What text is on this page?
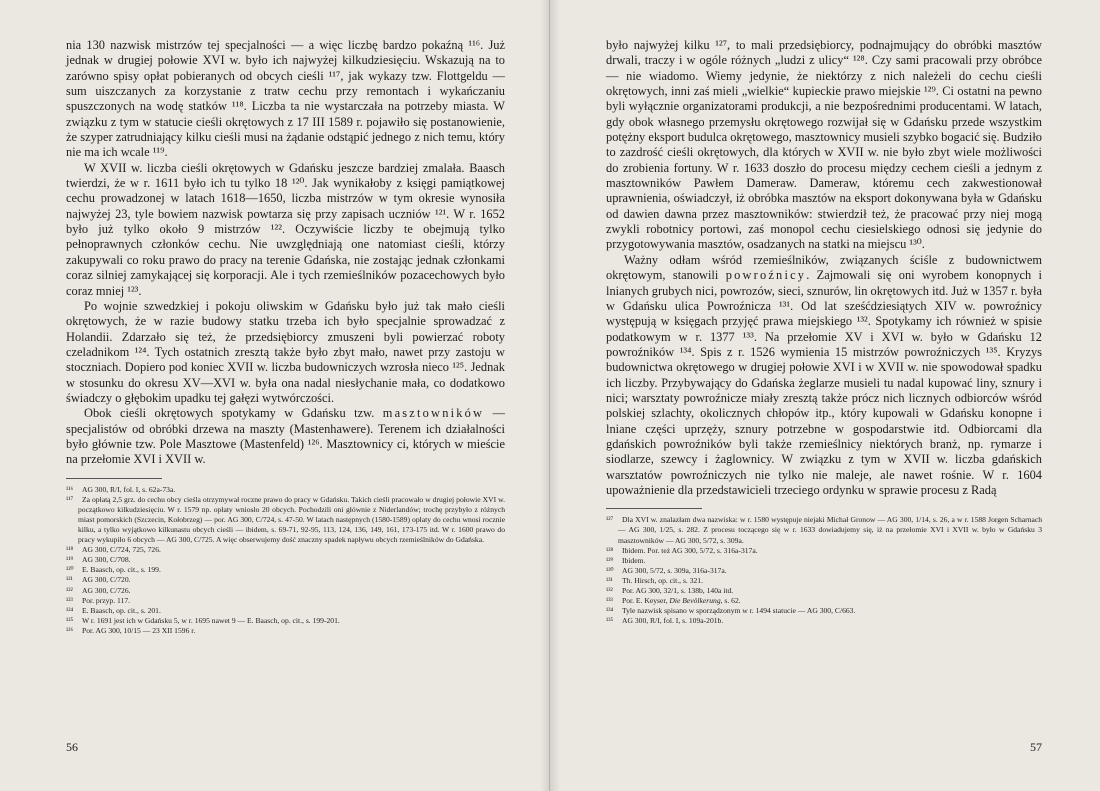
nia 130 nazwisk mistrzów tej specjalności — a więc liczbę bardzo pokaźną ¹¹⁶. Już jednak w drugiej połowie XVI w. było ich najwyżej kilkudziesięciu. Wskazują na to zarówno spisy opłat pobieranych od obcych cieśli ¹¹⁷, jak wykazy tzw. Flottgeldu — sum uiszczanych za korzystanie z tratw cechu przy remontach i wykańczaniu spuszczonych na wodę statków ¹¹⁸. Liczba ta nie wystarczała na potrzeby miasta. W związku z tym w statucie cieśli okrętowych z 17 III 1589 r. pojawiło się postanowienie, że szyper zatrudniający kilku cieśli musi na żądanie odstąpić jednego z nich temu, który nie ma ich wcale ¹¹⁹.

W XVII w. liczba cieśli okrętowych w Gdańsku jeszcze bardziej zmalała. Baasch twierdzi, że w r. 1611 było ich tu tylko 18 ¹²⁰. Jak wynikałoby z księgi pamiątkowej cechu prowadzonej w latach 1618—1650, liczba mistrzów w tym okresie wynosiła najwyżej 23, tyle bowiem nazwisk powtarza się przy zapisach uczniów ¹²¹. W r. 1652 było już tylko około 9 mistrzów ¹²². Oczywiście liczby te obejmują tylko pełnoprawnych członków cechu. Nie uwzględniają one natomiast cieśli, którzy zakupywali co roku prawo do pracy na terenie Gdańska, nie zostając jednak członkami coraz silniej zamykającej się korporacji. Ale i tych rzemieślników pozacechowych było coraz mniej ¹²³.

Po wojnie szwedzkiej i pokoju oliwskim w Gdańsku było już tak mało cieśli okrętowych, że w razie budowy statku trzeba ich było specjalnie sprowadzać z Holandii. Zdarzało się też, że przedsiębiorcy zmuszeni byli powierzać roboty czeladnikom ¹²⁴. Tych ostatnich zresztą także było zbyt mało, nawet przy zastoju w stoczniach. Dopiero pod koniec XVII w. liczba budowniczych wzrosła nieco ¹²⁵. Jednak w stosunku do okresu XV—XVI w. była ona nadal niesłychanie mała, co dodatkowo świadczy o głębokim upadku tej gałęzi wytwórczości.

Obok cieśli okrętowych spotykamy w Gdańsku tzw. masztowników — specjalistów od obróbki drzewa na maszty (Mastenhawere). Terenem ich działalności było głównie tzw. Pole Masztowe (Mastenfeld) ¹²⁶. Masztownicy ci, których w mieście na przełomie XVI i XVII w.

¹¹⁶ AG 300, R/I, fol. I, s. 62a-73a.

¹¹⁷ Za opłatą 2,5 grz. do cechu obcy cieśla otrzymywał roczne prawo do pracy w Gdańsku. Takich cieśli pracowało w drugiej połowie XVI w. początkowo kilkudziesięciu. W r. 1579 np. opłaty wniosło 20 obcych. Pochodzili oni głównie z Niderlandów; trochę przybyło z różnych miast pomorskich (Szczecin, Kołobrzeg) — por. AG 300, C/724, s. 47-50. W latach następnych (1580-1589) opłaty do cechu wnosi rocznie kilku, a tylko wyjątkowo kilkunastu obcych cieśli — ibidem, s. 69-71, 92-95, 113, 124, 136, 149, 161, 173-175 itd. W r. 1600 prawo do pracy wykupiło 6 obcych — AG 300, C/725. A więc obserwujemy dość znaczny spadek napływu obcych rzemieślników do Gdańska.

¹¹⁸ AG 300, C/724, 725, 726.

¹¹⁹ AG 300, C/708.

¹²⁰ E. Baasch, op. cit., s. 199.

¹²¹ AG 300, C/720.

¹²² AG 300, C/726.

¹²³ Por. przyp. 117.

¹²⁴ E. Baasch, op. cit., s. 201.

¹²⁵ W r. 1691 jest ich w Gdańsku 5, w r. 1695 nawet 9 — E. Baasch, op. cit., s. 199-201.

¹²⁶ Por. AG 300, 10/15 — 23 XII 1596 r.

56

było najwyżej kilku ¹²⁷, to mali przedsiębiorcy, podnajmujący do obróbki masztów drwali, traczy i w ogóle różnych „ludzi z ulicy“ ¹²⁸. Czy sami pracowali przy obróbce — nie wiadomo. Wiemy jedynie, że niektórzy z nich należeli do cechu cieśli okrętowych, inni zaś mieli „wielkie“ kupieckie prawo miejskie ¹²⁹. Ci ostatni na pewno byli wyłącznie organizatorami produkcji, a nie bezpośrednimi producentami. W latach, gdy obok własnego przemysłu okrętowego rozwijał się w Gdańsku przede wszystkim potężny eksport budulca okrętowego, masztownicy musieli szybko bogacić się. Budziło to zazdrość cieśli okrętowych, dla których w XVII w. nie było zbyt wiele możliwości do zrobienia fortuny. W r. 1633 doszło do procesu między cechem cieśli a jednym z masztowników Pawłem Dameraw. Dameraw, któremu cech zakwestionował uprawnienia, oświadczył, iż obróbka masztów na eksport dokonywana była w Gdańsku od dawien dawna przez masztowników: stwierdził też, że pracować przy niej mogą zwykli robotnicy portowi, zaś monopol cechu ciesielskiego odnosi się jedynie do przygotowywania masztów, osadzanych na statki na miejscu ¹³⁰.

Ważny odłam wśród rzemieślników, związanych ściśle z budownictwem okrętowym, stanowili powroźnicy. Zajmowali się oni wyrobem konopnych i lnianych grubych nici, powrozów, sieci, sznurów, lin okrętowych itd. Już w 1357 r. była w Gdańsku ulica Powroźnicza ¹³¹. Od lat sześćdziesiątych XIV w. powroźnicy występują w księgach przyjęć prawa miejskiego ¹³². Spotykamy ich również w spisie podatkowym w r. 1377 ¹³³. Na przełomie XV i XVI w. było w Gdańsku 12 powroźników ¹³⁴. Spis z r. 1526 wymienia 15 mistrzów powroźniczych ¹³⁵. Kryzys budownictwa okrętowego w drugiej połowie XVI i w XVII w. nie spowodował spadku ich liczby. Przybywający do Gdańska żeglarze musieli tu nadal kupować liny, sznury i nici; warsztaty powroźnicze miały zresztą także prócz nich licznych odbiorców wśród polskiej szlachty, okolicznych chłopów itp., który kupowali w Gdańsku konopne i lniane części uprzęży, sznury potrzebne w gospodarstwie itd. Odbiorcami dla gdańskich powroźników byli także rzemieślnicy niektórych branż, np. rymarze i siodlarze, szewcy i żaglownicy. W związku z tym w XVII w. liczba gdańskich warsztatów powroźniczych nie tylko nie maleje, ale nawet rośnie. W r. 1604 upoważnienie dla przedstawicieli trzeciego ordynku w sprawie procesu z Radą

¹²⁷ Dla XVI w. znalazłam dwa nazwiska: w r. 1580 występuje niejaki Michał Gronow — AG 300, 1/14, s. 26, a w r. 1588 Jorgen Scharnach — AG 300, 1/25, s. 282. Z procesu toczącego się w r. 1633 dowiadujemy się, iż na przełomie XVI i XVII w. było w Gdańsku 3 masztowników — AG 300, 5/72, s. 309a.

¹²⁸ Ibidem. Por. też AG 300, 5/72, s. 316a-317a.

¹²⁹ Ibidem.

¹³⁰ AG 300, 5/72, s. 309a, 316a-317a.

¹³¹ Th. Hirsch, op. cit., s. 321.

¹³² Por. AG 300, 32/1, s. 138b, 140a itd.

¹³³ Por. E. Keyser, Die Bevölkerung, s. 62.

¹³⁴ Tyle nazwisk spisano w sporządzonym w r. 1494 statucie — AG 300, C/663.

¹³⁵ AG 300, R/I, fol. I, s. 109a-201b.

57
